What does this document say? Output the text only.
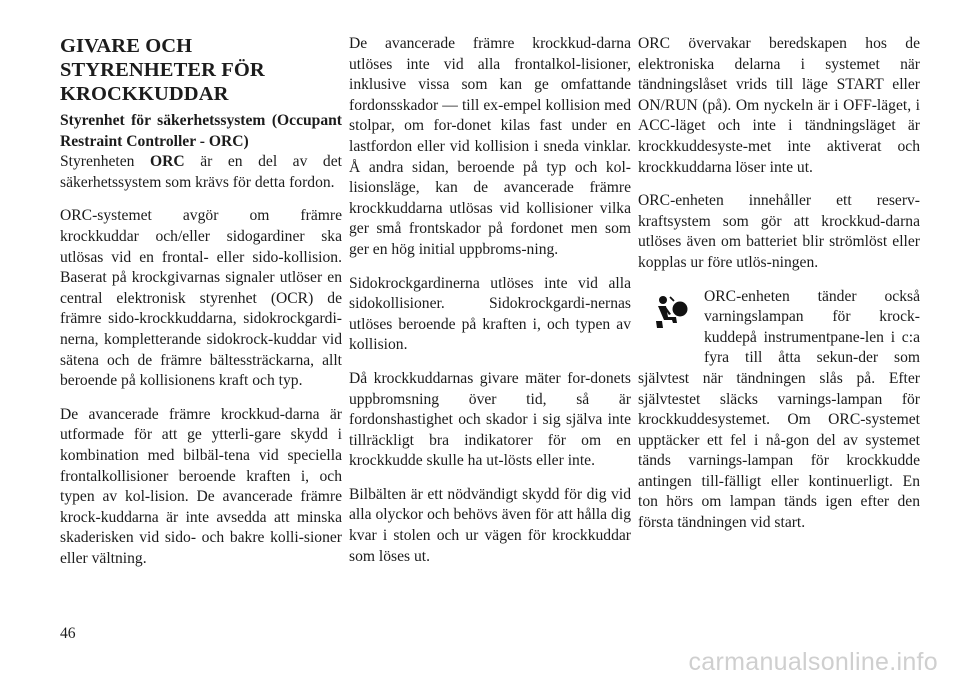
GIVARE OCH STYRENHETER FÖR KROCKKUDDAR

Styrenhet för säkerhetssystem (Occupant Restraint Controller - ORC)
Styrenheten ORC är en del av det säkerhetssystem som krävs för detta fordon.

ORC-systemet avgör om främre krockkuddar och/eller sidogardiner ska utlösas vid en frontal- eller sido-kollision. Baserat på krockgivarnas signaler utlöser en central elektronisk styrenhet (OCR) de främre sido-krockkuddarna, sidokrockgardi-nerna, kompletterande sidokrock-kuddar vid sätena och de främre bältessträckarna, allt beroende på kollisionens kraft och typ.

De avancerade främre krockkud-darna är utformade för att ge ytterli-gare skydd i kombination med bilbäl-tena vid speciella frontalkollisioner beroende kraften i, och typen av kol-lision. De avancerade främre krock-kuddarna är inte avsedda att minska skaderisken vid sido- och bakre kolli-sioner eller vältning.

De avancerade främre krockkud-darna utlöses inte vid alla frontalkol-lisioner, inklusive vissa som kan ge omfattande fordonsskador — till ex-empel kollision med stolpar, om for-donet kilas fast under en lastfordon eller vid kollision i sneda vinklar. Å andra sidan, beroende på typ och kol-lisionsläge, kan de avancerade främre krockkuddarna utlösas vid kollisioner vilka ger små frontskador på fordonet men som ger en hög initial uppbroms-ning.

Sidokrockgardinerna utlöses inte vid alla sidokollisioner. Sidokrockgardi-nernas utlöses beroende på kraften i, och typen av kollision.

Då krockkuddarnas givare mäter for-donets uppbromsning över tid, så är fordonshastighet och skador i sig själva inte tillräckligt bra indikatorer för om en krockkudde skulle ha ut-lösts eller inte.

Bilbälten är ett nödvändigt skydd för dig vid alla olyckor och behövs även för att hålla dig kvar i stolen och ur vägen för krockkuddar som löses ut.

ORC övervakar beredskapen hos de elektroniska delarna i systemet när tändningslåset vrids till läge START eller ON/RUN (på). Om nyckeln är i OFF-läget, i ACC-läget och inte i tändningsläget är krockkuddesyste-met inte aktiverat och krockkuddarna löser inte ut.

ORC-enheten innehåller ett reserv-kraftsystem som gör att krockkud-darna utlöses även om batteriet blir strömlöst eller kopplas ur före utlös-ningen.

ORC-enheten tänder också varningslampan för krock-kuddepå instrumentpane-len i c:a fyra till åtta sekun-der som självtest när tändningen slås på. Efter självtestet släcks varnings-lampan för krockkuddesystemet. Om ORC-systemet upptäcker ett fel i nå-gon del av systemet tänds varnings-lampan för krockkudde antingen till-fälligt eller kontinuerligt. En ton hörs om lampan tänds igen efter den första tändningen vid start.

46
carmanualsonline.info
